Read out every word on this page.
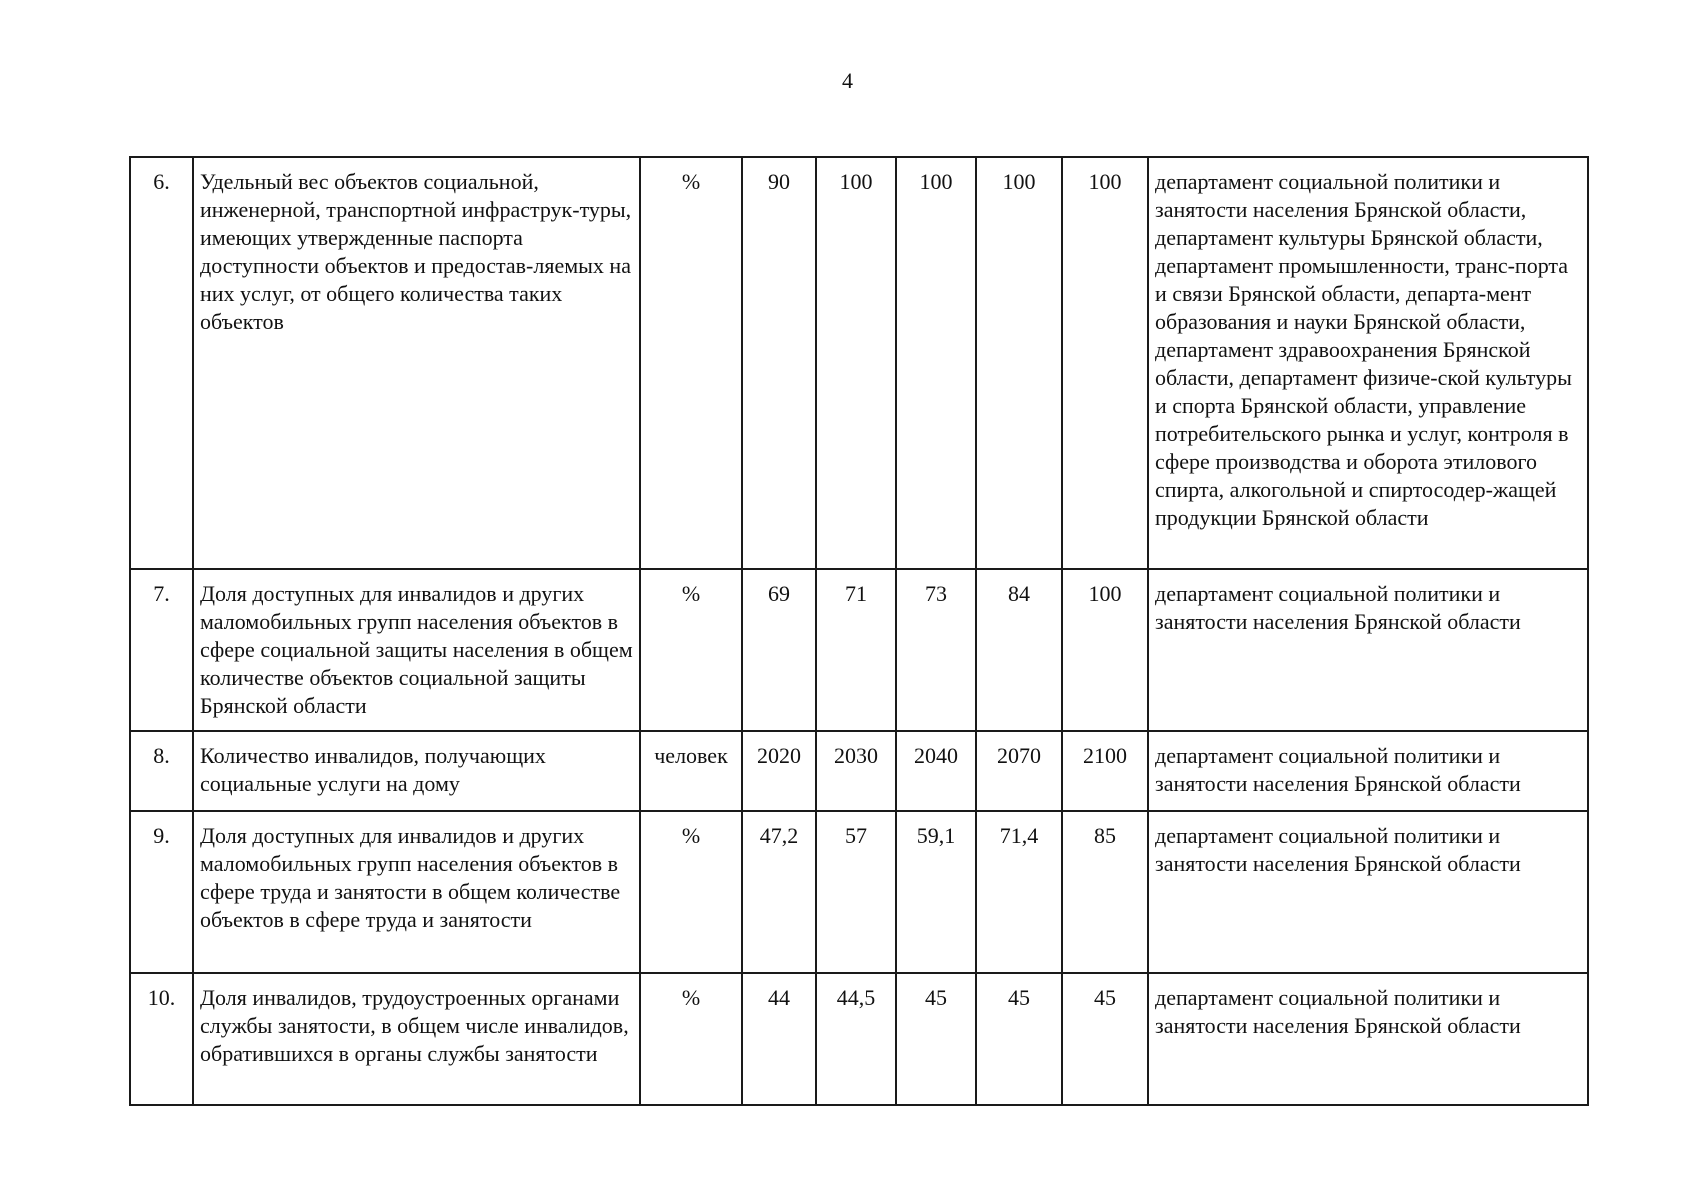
4
6.	Удельный вес объектов социальной, инженерной, транспортной инфраструк-туры, имеющих утвержденные паспорта доступности объектов и предостав-ляемых на них услуг, от общего количества таких объектов	%	90	100	100	100	100	департамент социальной политики и занятости населения Брянской области, департамент культуры Брянской области, департамент промышленности, транс-порта и связи Брянской области, департа-мент образования и науки Брянской области, департамент здравоохранения Брянской области, департамент физиче-ской культуры и спорта Брянской области, управление потребительского рынка и услуг, контроля в сфере производства и оборота этилового спирта, алкогольной и спиртосодер-жащей продукции Брянской области
7.	Доля доступных для инвалидов и других маломобильных групп населения объектов в сфере социальной защиты населения в общем количестве объектов социальной защиты Брянской области	%	69	71	73	84	100	департамент социальной политики и занятости населения Брянской области
8.	Количество инвалидов, получающих социальные услуги на дому	человек	2020	2030	2040	2070	2100	департамент социальной политики и занятости населения Брянской области
9.	Доля доступных для инвалидов и других маломобильных групп населения объектов в сфере труда и занятости в общем количестве объектов в сфере труда и занятости	%	47,2	57	59,1	71,4	85	департамент социальной политики и занятости населения Брянской области
10.	Доля инвалидов, трудоустроенных органами службы занятости, в общем числе инвалидов, обратившихся в органы службы занятости	%	44	44,5	45	45	45	департамент социальной политики и занятости населения Брянской области
